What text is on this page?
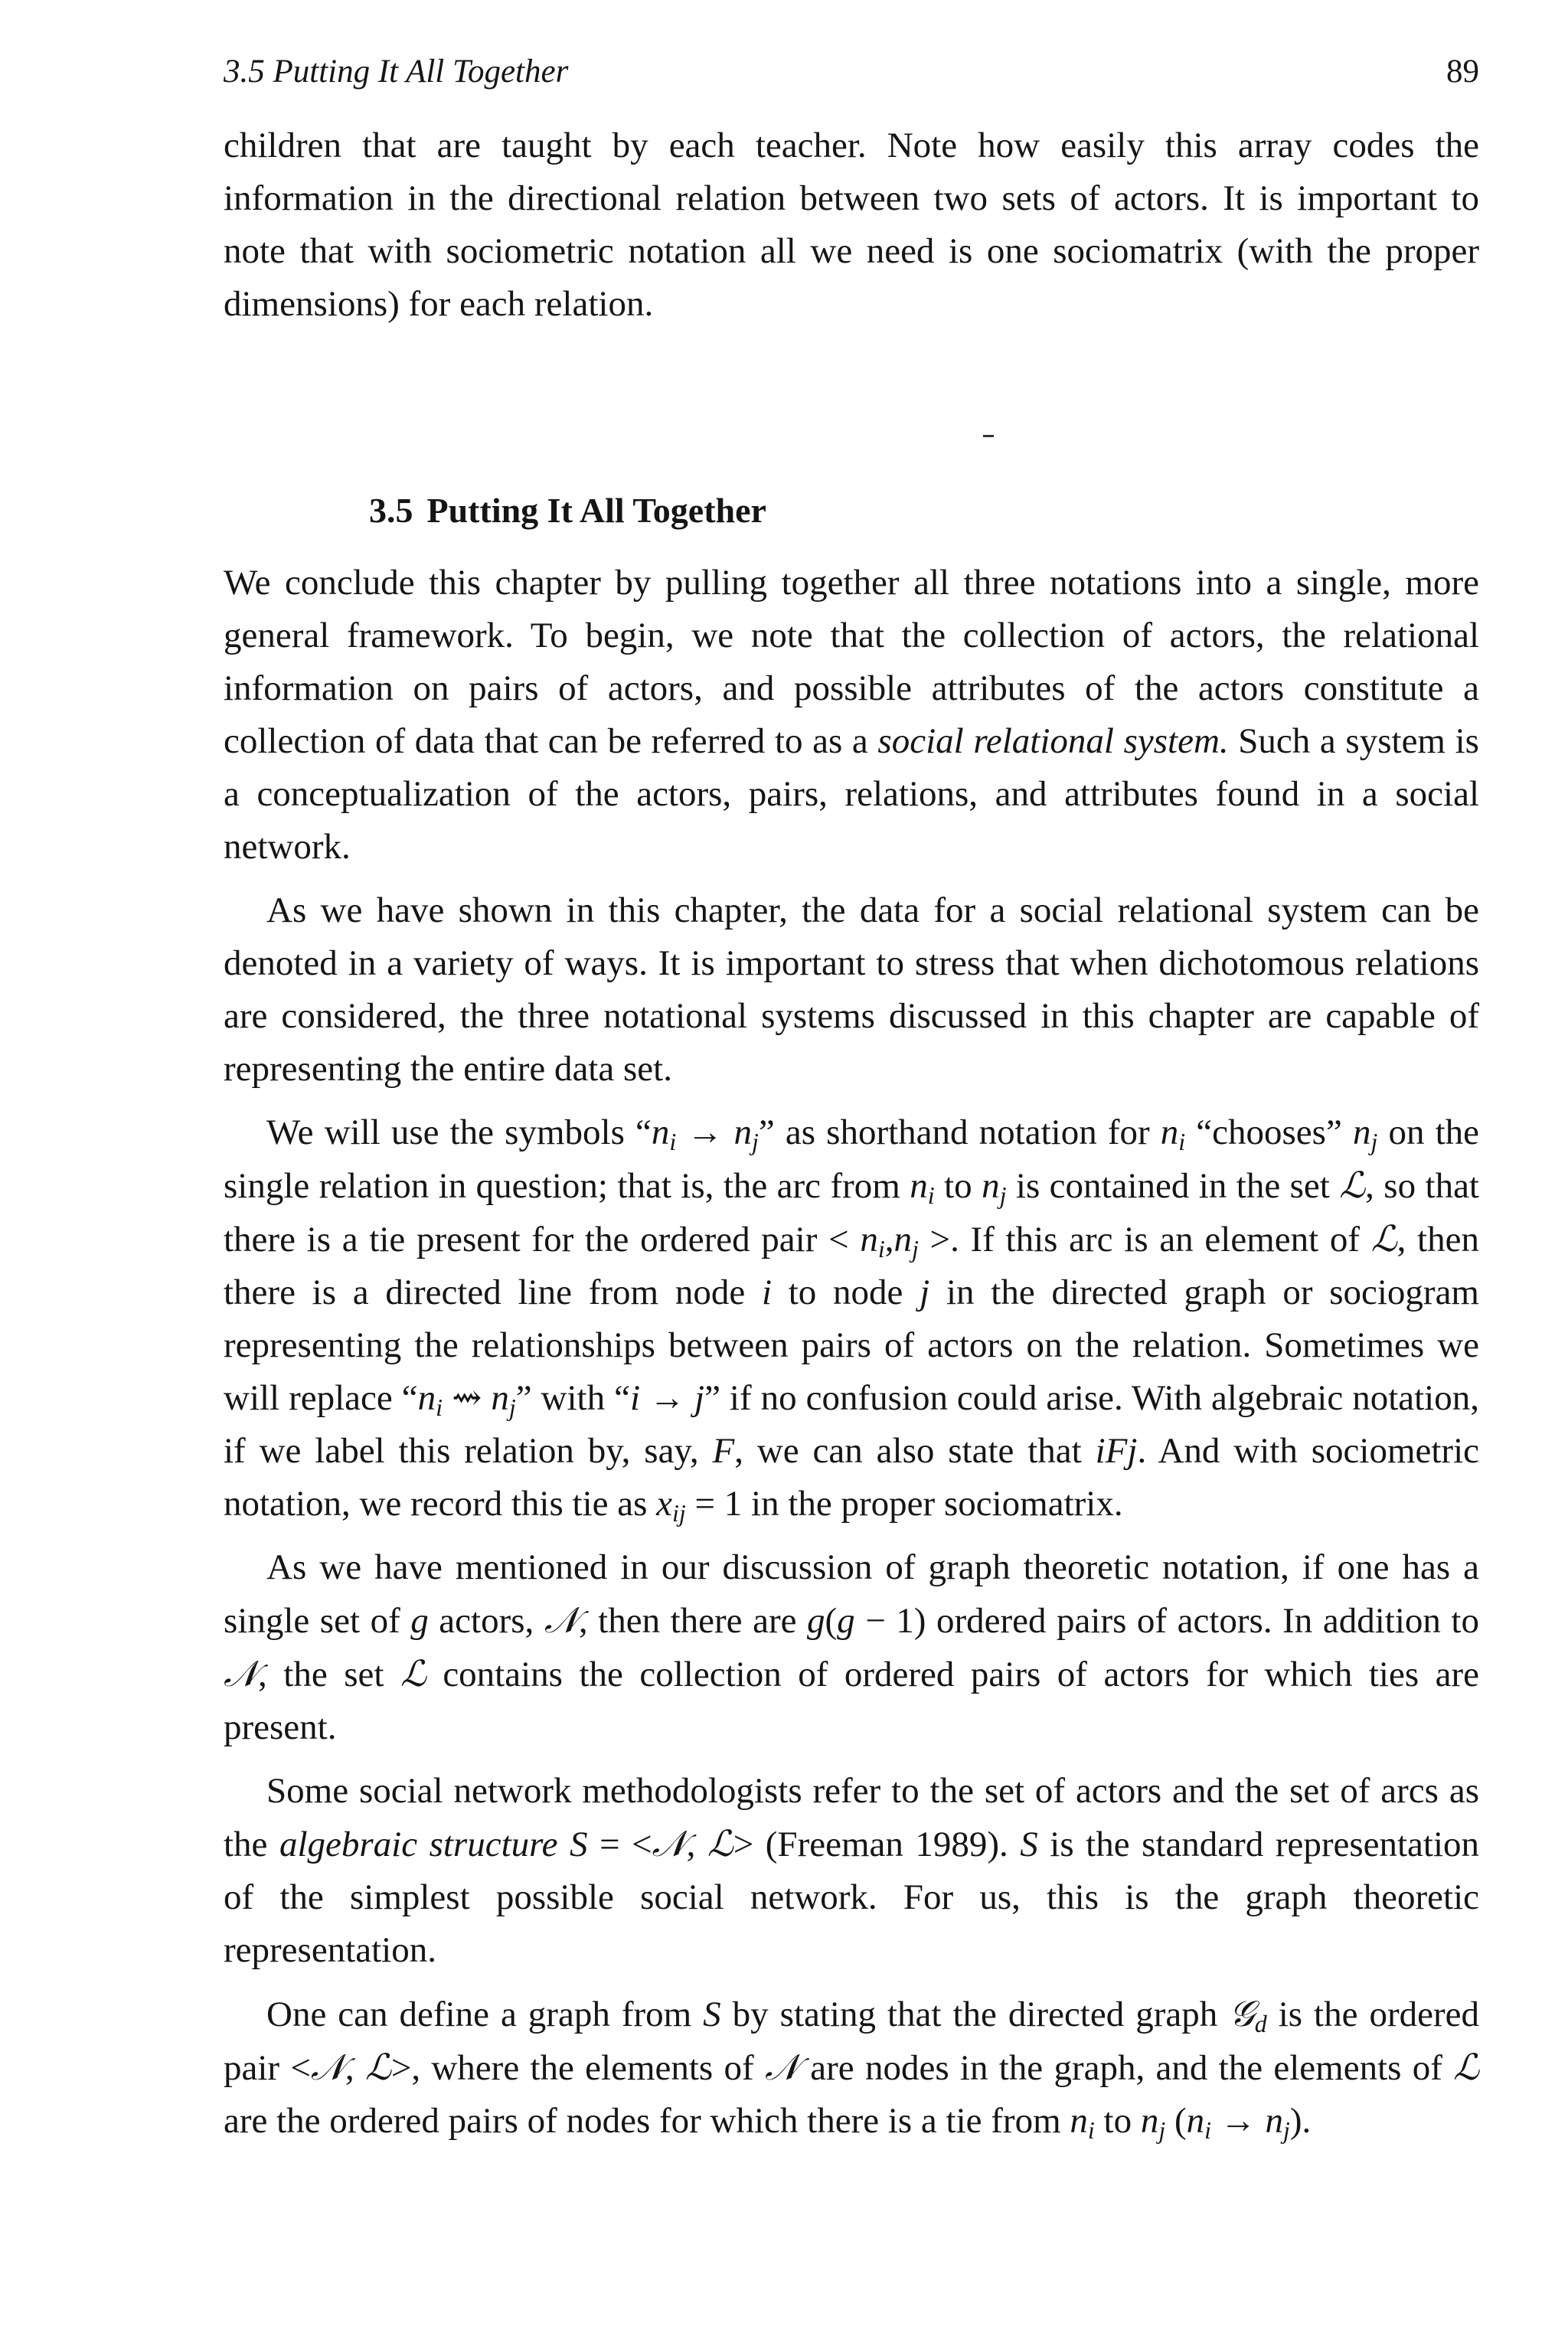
3.5 Putting It All Together	89

children that are taught by each teacher. Note how easily this array codes the information in the directional relation between two sets of actors. It is important to note that with sociometric notation all we need is one sociomatrix (with the proper dimensions) for each relation.

3.5 Putting It All Together

We conclude this chapter by pulling together all three notations into a single, more general framework. To begin, we note that the collection of actors, the relational information on pairs of actors, and possible attributes of the actors constitute a collection of data that can be referred to as a social relational system. Such a system is a conceptualization of the actors, pairs, relations, and attributes found in a social network.

As we have shown in this chapter, the data for a social relational system can be denoted in a variety of ways. It is important to stress that when dichotomous relations are considered, the three notational systems discussed in this chapter are capable of representing the entire data set.

We will use the symbols “$n_i \to n_j$” as shorthand notation for $n_i$ “chooses” $n_j$ on the single relation in question; that is, the arc from $n_i$ to $n_j$ is contained in the set ℒ, so that there is a tie present for the ordered pair < $n_i,n_j$ >. If this arc is an element of ℒ, then there is a directed line from node i to node j in the directed graph or sociogram representing the relationships between pairs of actors on the relation. Sometimes we will replace “$n_i$ ⇝ $n_j$” with “i → j” if no confusion could arise. With algebraic notation, if we label this relation by, say, F, we can also state that iFj. And with sociometric notation, we record this tie as $x_{ij} = 1$ in the proper sociomatrix.

As we have mentioned in our discussion of graph theoretic notation, if one has a single set of g actors, 𝒩, then there are g(g − 1) ordered pairs of actors. In addition to 𝒩, the set ℒ contains the collection of ordered pairs of actors for which ties are present.

Some social network methodologists refer to the set of actors and the set of arcs as the algebraic structure S = <𝒩, ℒ> (Freeman 1989). S is the standard representation of the simplest possible social network. For us, this is the graph theoretic representation.

One can define a graph from S by stating that the directed graph 𝒢$_d$ is the ordered pair <𝒩, ℒ>, where the elements of 𝒩 are nodes in the graph, and the elements of ℒ are the ordered pairs of nodes for which there is a tie from $n_i$ to $n_j$ $(n_i \to n_j)$.
